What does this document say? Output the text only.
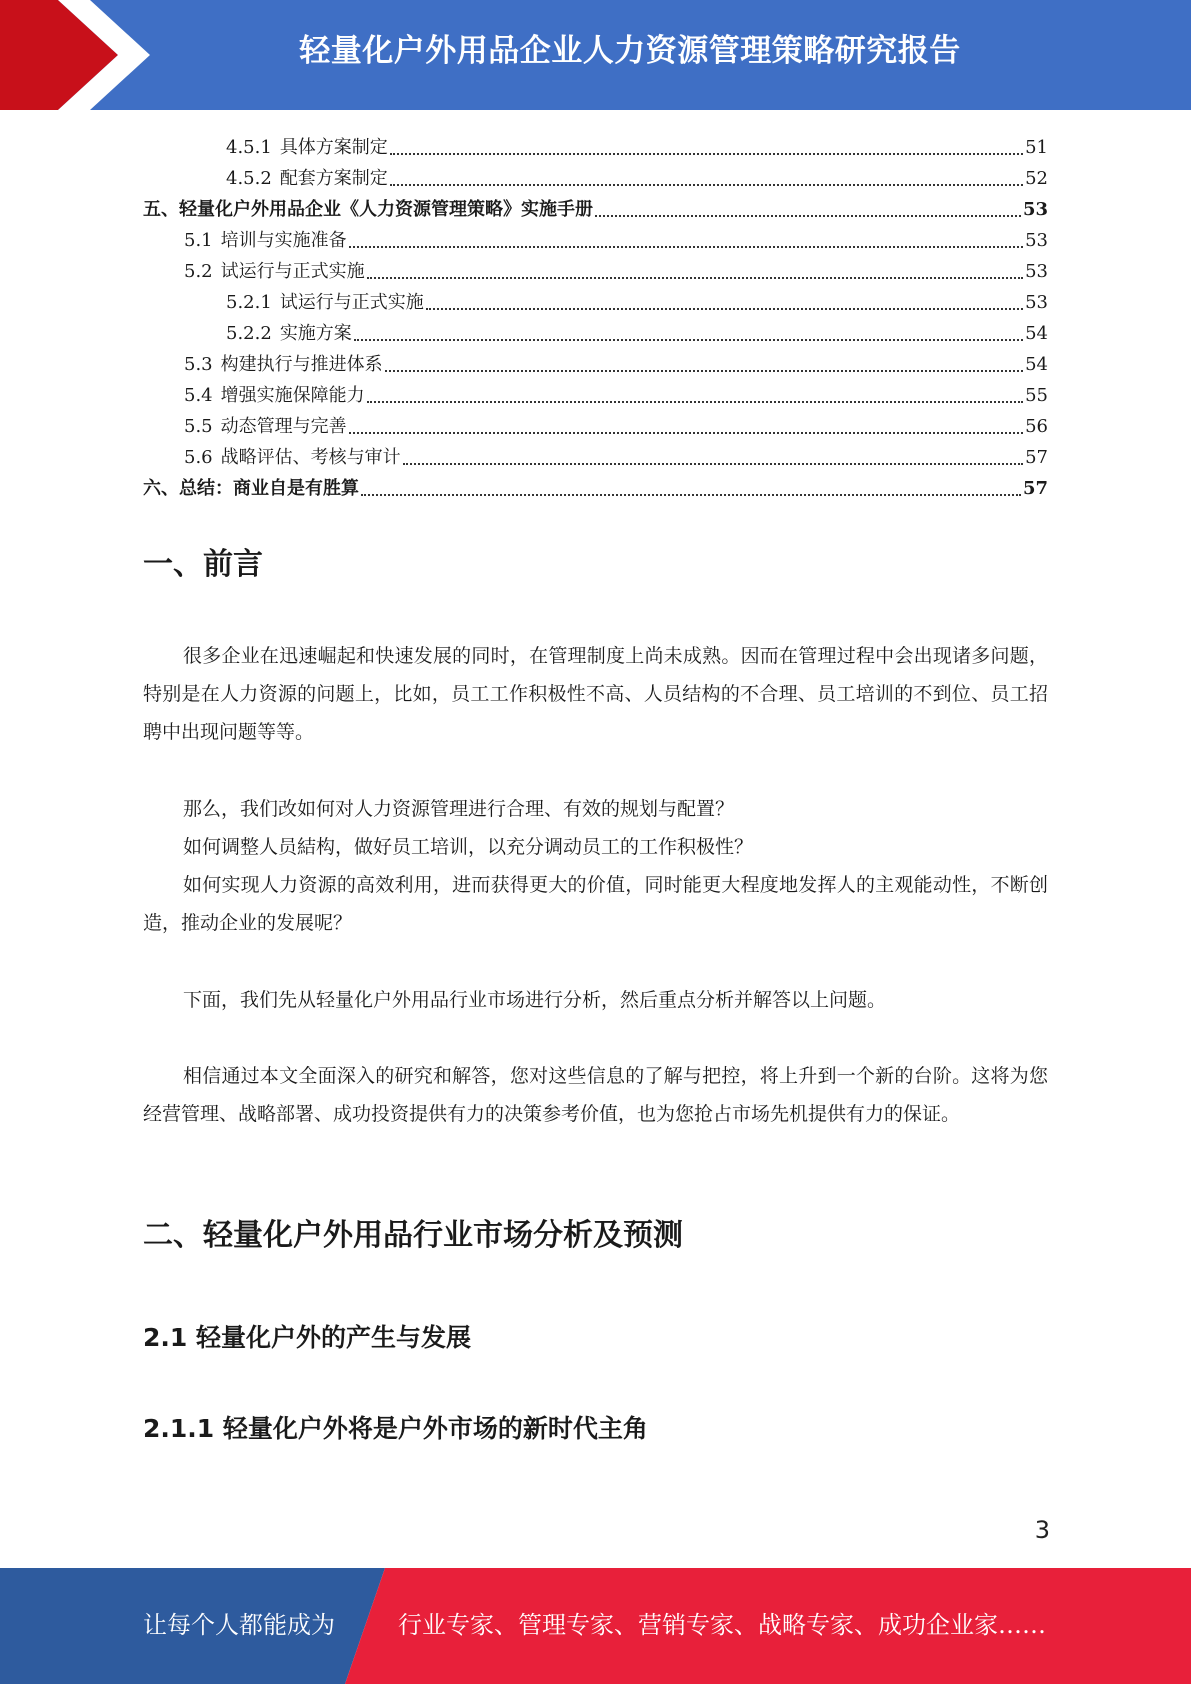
轻量化户外用品企业人力资源管理策略研究报告
4.5.1 具体方案制定	51
4.5.2 配套方案制定	52
五、轻量化户外用品企业《人力资源管理策略》实施手册	53
5.1 培训与实施准备	53
5.2 试运行与正式实施	53
5.2.1 试运行与正式实施	53
5.2.2 实施方案	54
5.3 构建执行与推进体系	54
5.4 增强实施保障能力	55
5.5 动态管理与完善	56
5.6 战略评估、考核与审计	57
六、总结：商业自是有胜算	57
一、前言
很多企业在迅速崛起和快速发展的同时，在管理制度上尚未成熟。因而在管理过程中会出现诸多问题，特别是在人力资源的问题上，比如，员工工作积极性不高、人员结构的不合理、员工培训的不到位、员工招聘中出现问题等等。
那么，我们改如何对人力资源管理进行合理、有效的规划与配置？
如何调整人员結构，做好员工培训，以充分调动员工的工作积极性？
如何实现人力资源的高效利用，进而获得更大的价值，同时能更大程度地发挥人的主观能动性，不断创造，推动企业的发展呢？
下面，我们先从轻量化户外用品行业市场进行分析，然后重点分析并解答以上问题。
相信通过本文全面深入的研究和解答，您对这些信息的了解与把控，将上升到一个新的台阶。这将为您经营管理、战略部署、成功投资提供有力的决策参考价值，也为您抢占市场先机提供有力的保证。
二、轻量化户外用品行业市场分析及预测
2.1 轻量化户外的产生与发展
2.1.1 轻量化户外将是户外市场的新时代主角
3
让每个人都能成为	行业专家、管理专家、营销专家、战略专家、成功企业家……
